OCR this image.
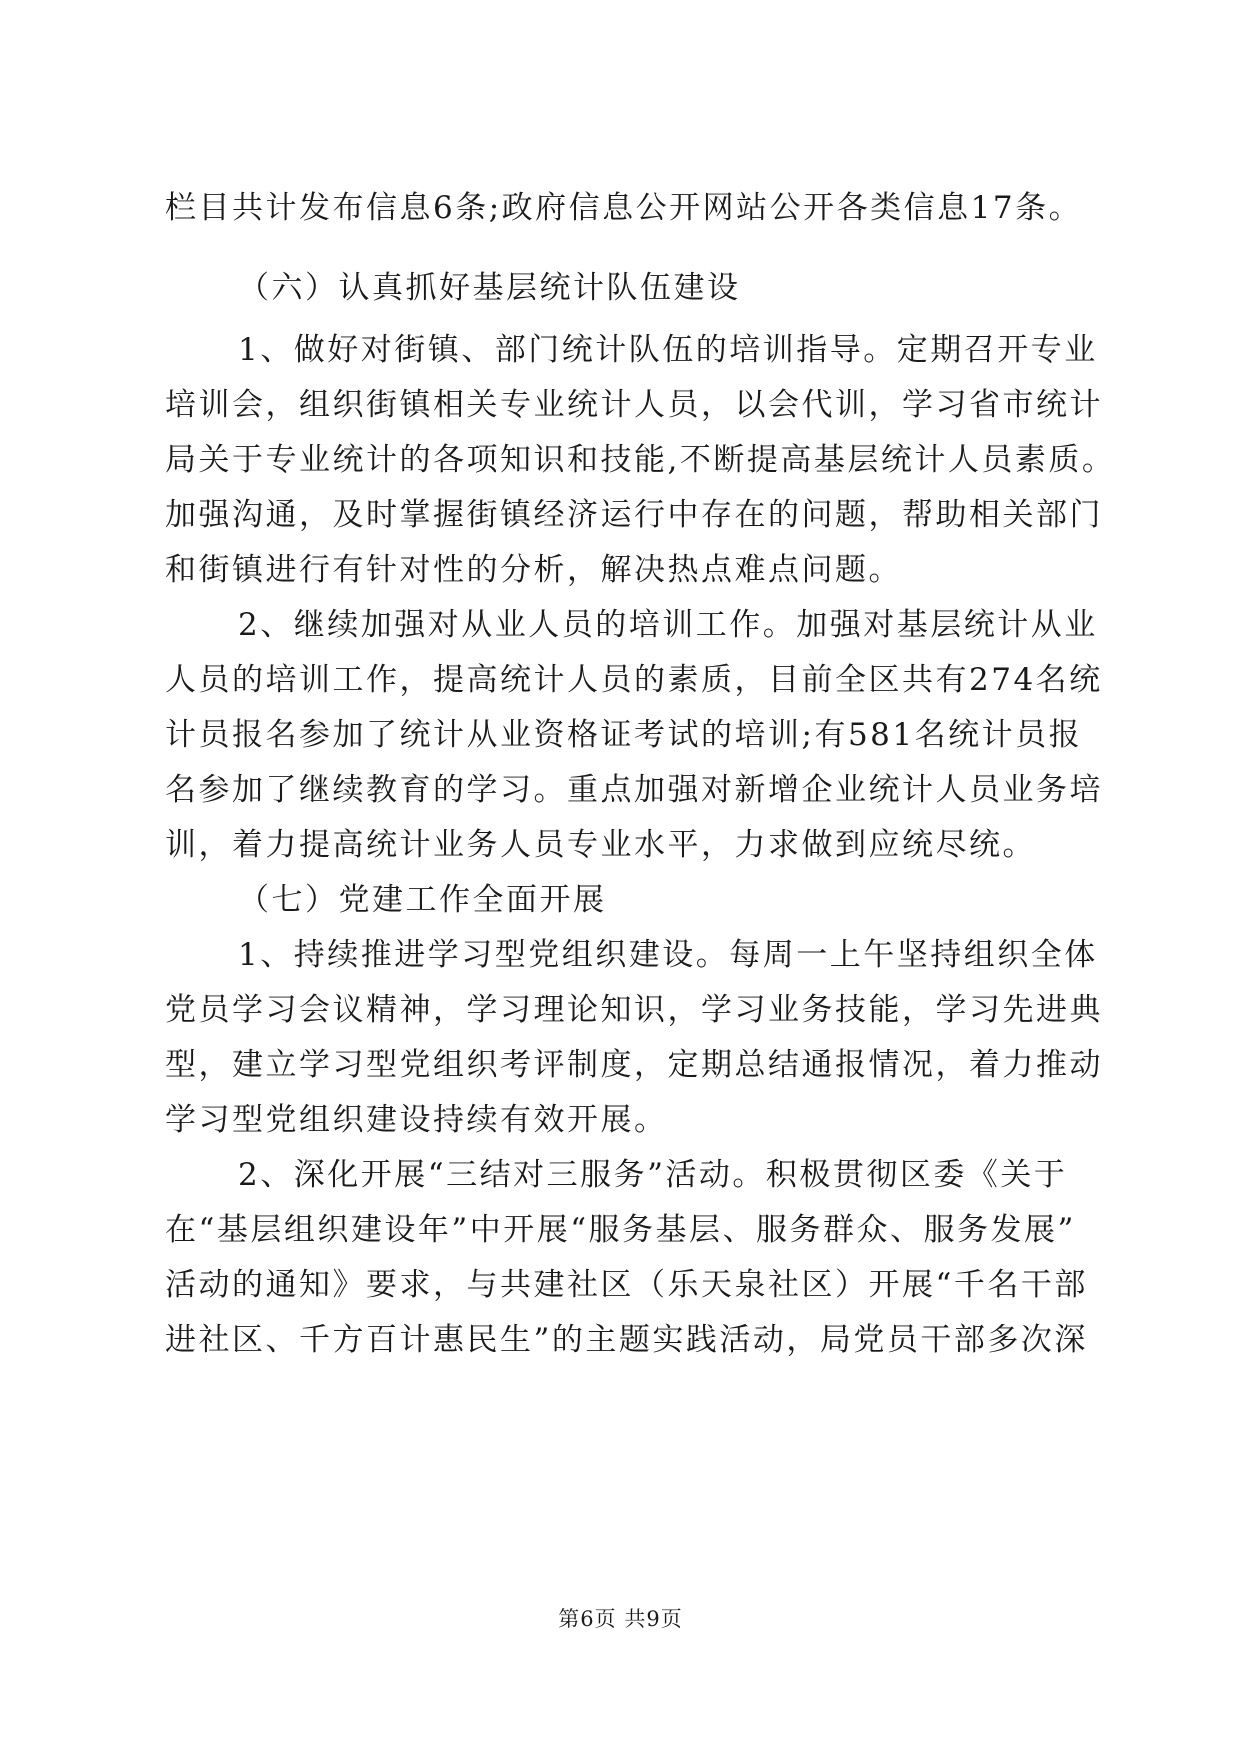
栏目共计发布信息6条;政府信息公开网站公开各类信息17条。
（六）认真抓好基层统计队伍建设
1、做好对街镇、部门统计队伍的培训指导。定期召开专业
培训会，组织街镇相关专业统计人员，以会代训，学习省市统计
局关于专业统计的各项知识和技能,不断提高基层统计人员素质。
加强沟通，及时掌握街镇经济运行中存在的问题，帮助相关部门
和街镇进行有针对性的分析，解决热点难点问题。
2、继续加强对从业人员的培训工作。加强对基层统计从业
人员的培训工作，提高统计人员的素质，目前全区共有274名统
计员报名参加了统计从业资格证考试的培训;有581名统计员报
名参加了继续教育的学习。重点加强对新增企业统计人员业务培
训，着力提高统计业务人员专业水平，力求做到应统尽统。
（七）党建工作全面开展
1、持续推进学习型党组织建设。每周一上午坚持组织全体
党员学习会议精神，学习理论知识，学习业务技能，学习先进典
型，建立学习型党组织考评制度，定期总结通报情况，着力推动
学习型党组织建设持续有效开展。
2、深化开展“三结对三服务”活动。积极贯彻区委《关于
在“基层组织建设年”中开展“服务基层、服务群众、服务发展”
活动的通知》要求，与共建社区（乐天泉社区）开展“千名干部
进社区、千方百计惠民生”的主题实践活动，局党员干部多次深
第6页 共9页
